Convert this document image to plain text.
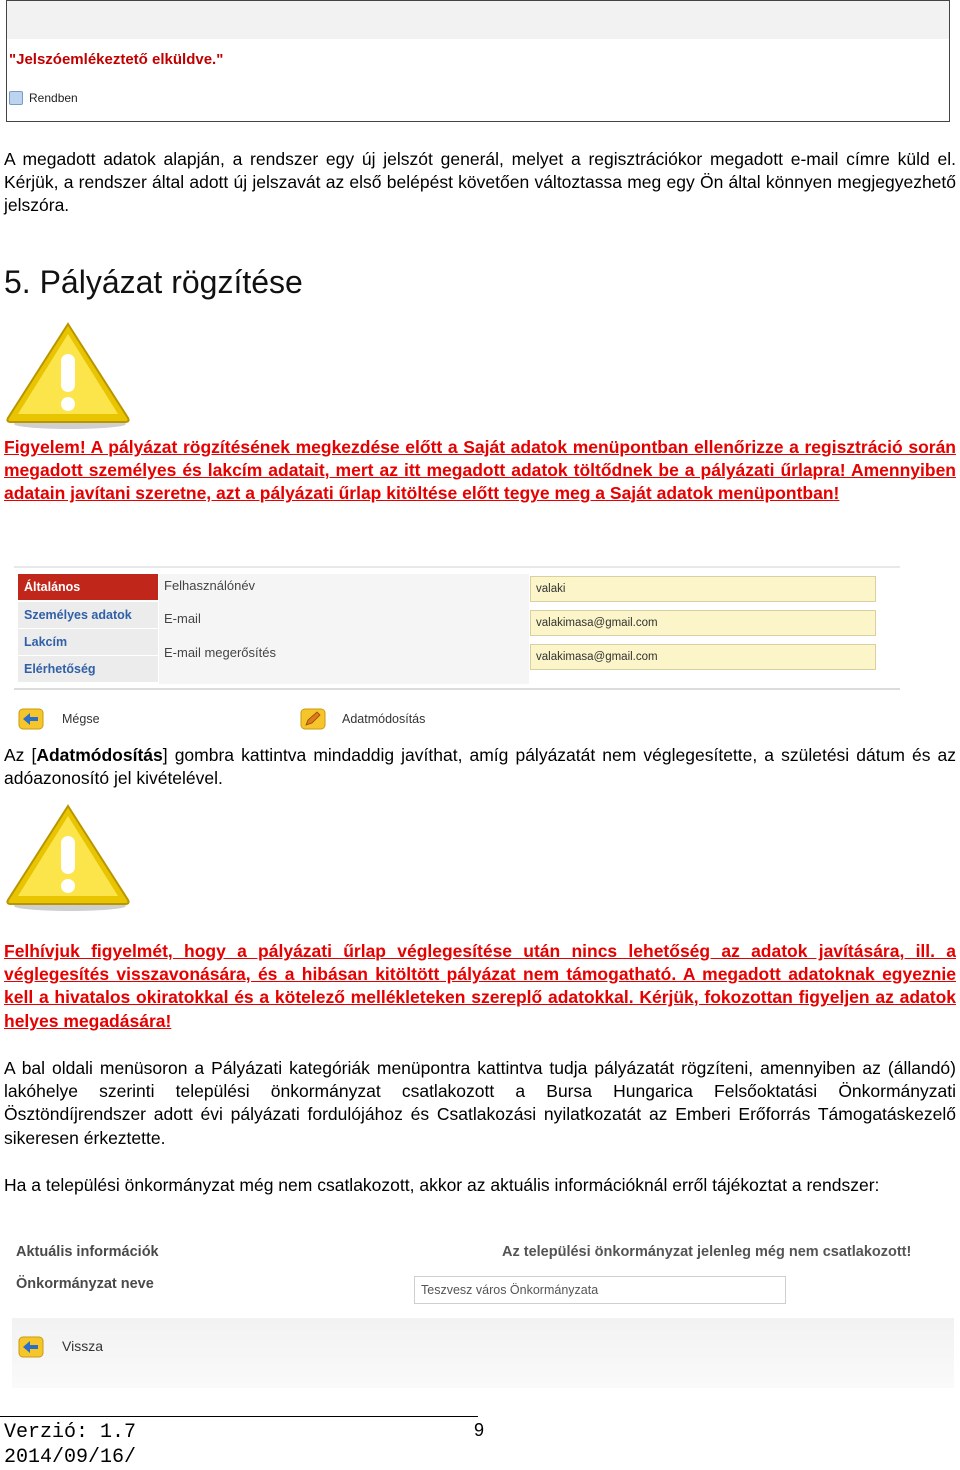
"Jelszóemlékeztető elküldve."
Rendben
A megadott adatok alapján, a rendszer egy új jelszót generál, melyet a regisztrációkor megadott e-mail címre küld el. Kérjük, a rendszer által adott új jelszavát az első belépést követően változtassa meg egy Ön által könnyen megjegyezhető jelszóra.
5. Pályázat rögzítése
Figyelem! A pályázat rögzítésének megkezdése előtt a Saját adatok menüpontban ellenőrizze a regisztráció során megadott személyes és lakcím adatait, mert az itt megadott adatok töltődnek be a pályázati űrlapra! Amennyiben adatain javítani szeretne, azt a pályázati űrlap kitöltése előtt tegye meg a Saját adatok menüpontban!
Általános
Személyes adatok
Lakcím
Elérhetőség
Felhasználónév
E-mail
E-mail megerősítés
valaki
valakimasa@gmail.com
valakimasa@gmail.com
Mégse	Adatmódosítás
Az [Adatmódosítás] gombra kattintva mindaddig javíthat, amíg pályázatát nem véglegesítette, a születési dátum és az adóazonosító jel kivételével.
Felhívjuk figyelmét, hogy a pályázati űrlap véglegesítése után nincs lehetőség az adatok javítására, ill. a véglegesítés visszavonására, és a hibásan kitöltött pályázat nem támogatható. A megadott adatoknak egyeznie kell a hivatalos okiratokkal és a kötelező mellékleteken szereplő adatokkal. Kérjük, fokozottan figyeljen az adatok helyes megadására!
A bal oldali menüsoron a Pályázati kategóriák menüpontra kattintva tudja pályázatát rögzíteni, amennyiben az (állandó) lakóhelye szerinti települési önkormányzat csatlakozott a Bursa Hungarica Felsőoktatási Önkormányzati Ösztöndíjrendszer adott évi pályázati fordulójához és Csatlakozási nyilatkozatát az Emberi Erőforrás Támogatáskezelő sikeresen érkeztette.
Ha a települési önkormányzat még nem csatlakozott, akkor az aktuális információknál erről tájékoztat a rendszer:
Aktuális információk
Önkormányzat neve
Az települési önkormányzat jelenleg még nem csatlakozott!
Teszvesz város Önkormányzata
Vissza
Verzió: 1.7
2014/09/16/
9
